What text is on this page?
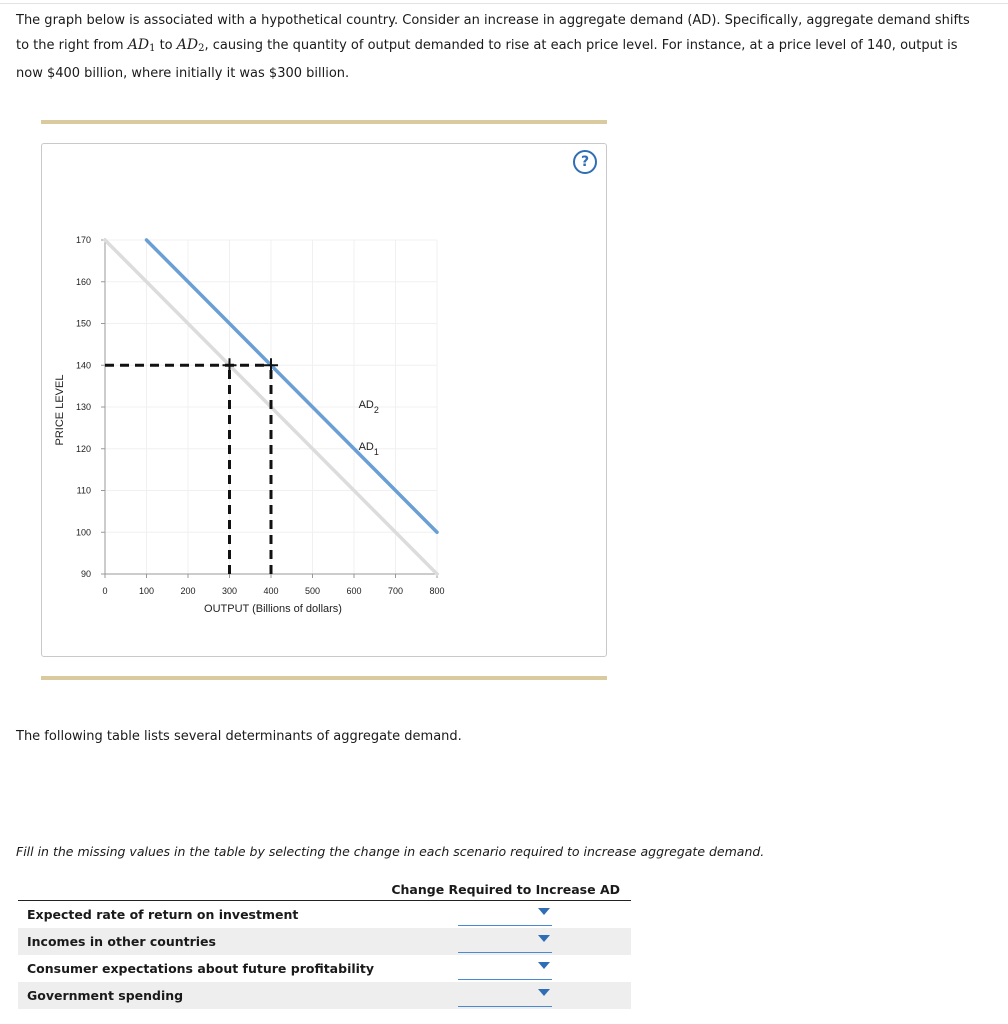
The graph below is associated with a hypothetical country. Consider an increase in aggregate demand (AD). Specifically, aggregate demand shifts to the right from $AD_1$ to $AD_2$, causing the quantity of output demanded to rise at each price level. For instance, at a price level of 140, output is now $400 billion, where initially it was $300 billion.
?
90
100
110
120
130
140
150
160
170
0	100	200	300	400	500	600	700	800
OUTPUT (Billions of dollars)
PRICE LEVEL
$AD_1$
$AD_2$
The following table lists several determinants of aggregate demand.
Fill in the missing values in the table by selecting the change in each scenario required to increase aggregate demand.
Change Required to Increase AD
Expected rate of return on investment
Incomes in other countries
Consumer expectations about future profitability
Government spending
